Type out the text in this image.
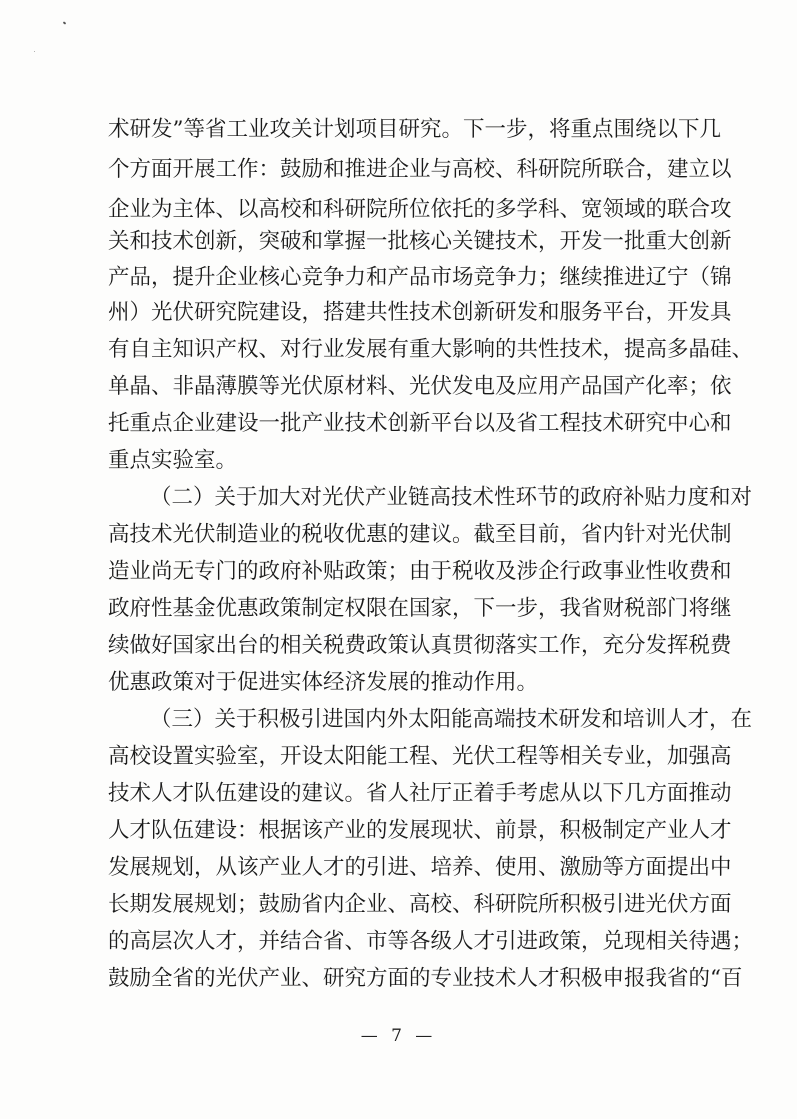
术研发”等省工业攻关计划项目研究。下一步，将重点围绕以下几
个方面开展工作：鼓励和推进企业与高校、科研院所联合，建立以
企业为主体、以高校和科研院所位依托的多学科、宽领域的联合攻
关和技术创新，突破和掌握一批核心关键技术，开发一批重大创新
产品，提升企业核心竞争力和产品市场竞争力；继续推进辽宁（锦
州）光伏研究院建设，搭建共性技术创新研发和服务平台，开发具
有自主知识产权、对行业发展有重大影响的共性技术，提高多晶硅、
单晶、非晶薄膜等光伏原材料、光伏发电及应用产品国产化率；依
托重点企业建设一批产业技术创新平台以及省工程技术研究中心和
重点实验室。
（二）关于加大对光伏产业链高技术性环节的政府补贴力度和对
高技术光伏制造业的税收优惠的建议。截至目前，省内针对光伏制
造业尚无专门的政府补贴政策；由于税收及涉企行政事业性收费和
政府性基金优惠政策制定权限在国家，下一步，我省财税部门将继
续做好国家出台的相关税费政策认真贯彻落实工作，充分发挥税费
优惠政策对于促进实体经济发展的推动作用。
（三）关于积极引进国内外太阳能高端技术研发和培训人才，在
高校设置实验室，开设太阳能工程、光伏工程等相关专业，加强高
技术人才队伍建设的建议。省人社厅正着手考虑从以下几方面推动
人才队伍建设：根据该产业的发展现状、前景，积极制定产业人才
发展规划，从该产业人才的引进、培养、使用、激励等方面提出中
长期发展规划；鼓励省内企业、高校、科研院所积极引进光伏方面
的高层次人才，并结合省、市等各级人才引进政策，兑现相关待遇；
鼓励全省的光伏产业、研究方面的专业技术人才积极申报我省的“百
— 7 —
